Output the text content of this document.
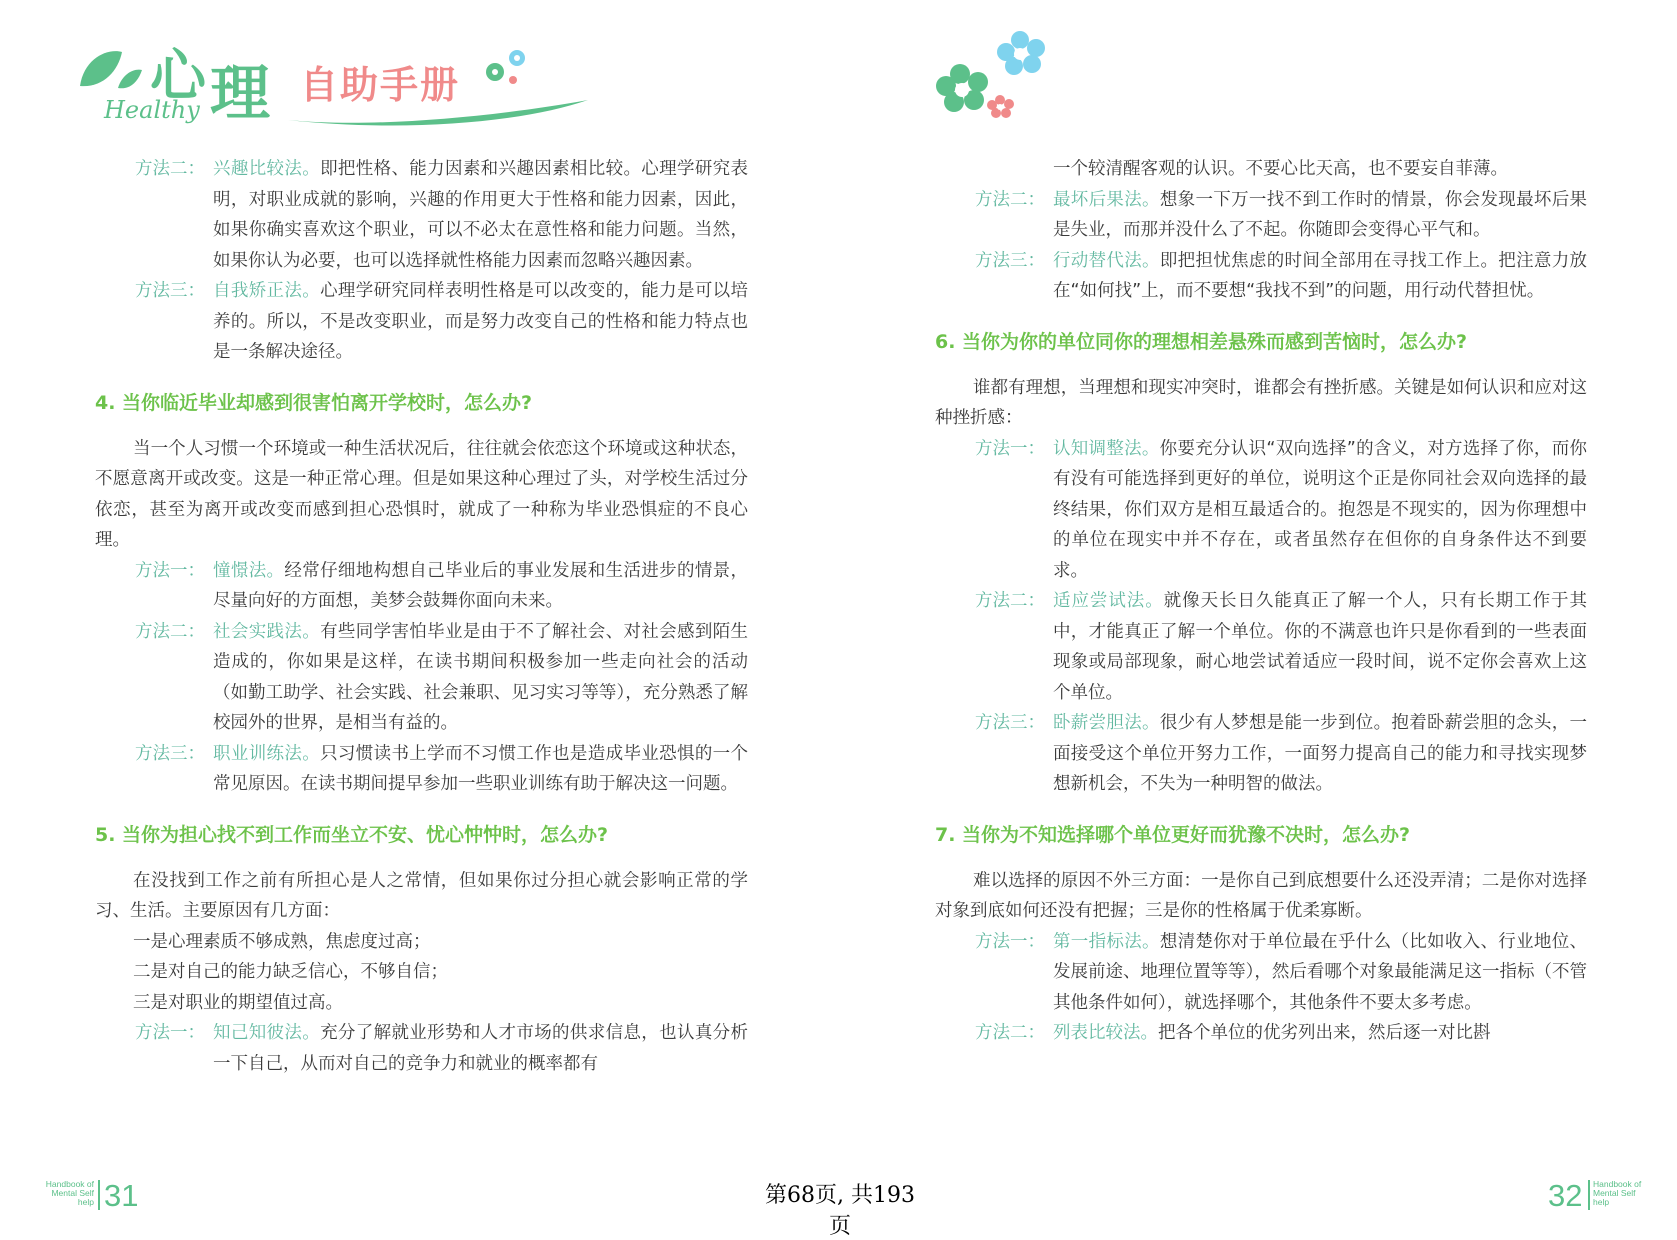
心 理 自助手册
Healthy
方法二： 兴趣比较法。即把性格、能力因素和兴趣因素相比较。心理学研究表明，对职业成就的影响，兴趣的作用更大于性格和能力因素，因此，如果你确实喜欢这个职业，可以不必太在意性格和能力问题。当然，如果你认为必要，也可以选择就性格能力因素而忽略兴趣因素。
方法三： 自我矫正法。心理学研究同样表明性格是可以改变的，能力是可以培养的。所以，不是改变职业，而是努力改变自己的性格和能力特点也是一条解决途径。
4. 当你临近毕业却感到很害怕离开学校时，怎么办?

当一个人习惯一个环境或一种生活状况后，往往就会依恋这个环境或这种状态，不愿意离开或改变。这是一种正常心理。但是如果这种心理过了头，对学校生活过分依恋，甚至为离开或改变而感到担心恐惧时，就成了一种称为毕业恐惧症的不良心理。

方法一： 憧憬法。经常仔细地构想自己毕业后的事业发展和生活进步的情景，尽量向好的方面想，美梦会鼓舞你面向未来。
方法二： 社会实践法。有些同学害怕毕业是由于不了解社会、对社会感到陌生造成的，你如果是这样，在读书期间积极参加一些走向社会的活动（如勤工助学、社会实践、社会兼职、见习实习等等），充分熟悉了解校园外的世界，是相当有益的。
方法三： 职业训练法。只习惯读书上学而不习惯工作也是造成毕业恐惧的一个常见原因。在读书期间提早参加一些职业训练有助于解决这一问题。
5. 当你为担心找不到工作而坐立不安、忧心忡忡时，怎么办?

在没找到工作之前有所担心是人之常情，但如果你过分担心就会影响正常的学习、生活。主要原因有几方面：

一是心理素质不够成熟，焦虑度过高；

二是对自己的能力缺乏信心，不够自信；

三是对职业的期望值过高。

方法一： 知己知彼法。充分了解就业形势和人才市场的供求信息，也认真分析一下自己，从而对自己的竞争力和就业的概率都有
Handbook of
Mental Self
help 31

一个较清醒客观的认识。不要心比天高，也不要妄自菲薄。

方法二： 最坏后果法。想象一下万一找不到工作时的情景，你会发现最坏后果是失业，而那并没什么了不起。你随即会变得心平气和。
方法三： 行动替代法。即把担忧焦虑的时间全部用在寻找工作上。把注意力放在“如何找”上，而不要想“我找不到”的问题，用行动代替担忧。
6. 当你为你的单位同你的理想相差悬殊而感到苦恼时，怎么办?

谁都有理想，当理想和现实冲突时，谁都会有挫折感。关键是如何认识和应对这种挫折感：

方法一： 认知调整法。你要充分认识“双向选择”的含义，对方选择了你，而你有没有可能选择到更好的单位，说明这个正是你同社会双向选择的最终结果，你们双方是相互最适合的。抱怨是不现实的，因为你理想中的单位在现实中并不存在，或者虽然存在但你的自身条件达不到要求。
方法二： 适应尝试法。就像天长日久能真正了解一个人，只有长期工作于其中，才能真正了解一个单位。你的不满意也许只是你看到的一些表面现象或局部现象，耐心地尝试着适应一段时间，说不定你会喜欢上这个单位。
方法三： 卧薪尝胆法。很少有人梦想是能一步到位。抱着卧薪尝胆的念头，一面接受这个单位开努力工作，一面努力提高自己的能力和寻找实现梦想新机会，不失为一种明智的做法。
7. 当你为不知选择哪个单位更好而犹豫不决时，怎么办?

难以选择的原因不外三方面：一是你自己到底想要什么还没弄清；二是你对选择对象到底如何还没有把握；三是你的性格属于优柔寡断。

方法一： 第一指标法。想清楚你对于单位最在乎什么（比如收入、行业地位、发展前途、地理位置等等），然后看哪个对象最能满足这一指标（不管其他条件如何），就选择哪个，其他条件不要太多考虑。
方法二： 列表比较法。把各个单位的优劣列出来，然后逐一对比斟
32 Handbook of
Mental Self
help
第68页, 共193页
